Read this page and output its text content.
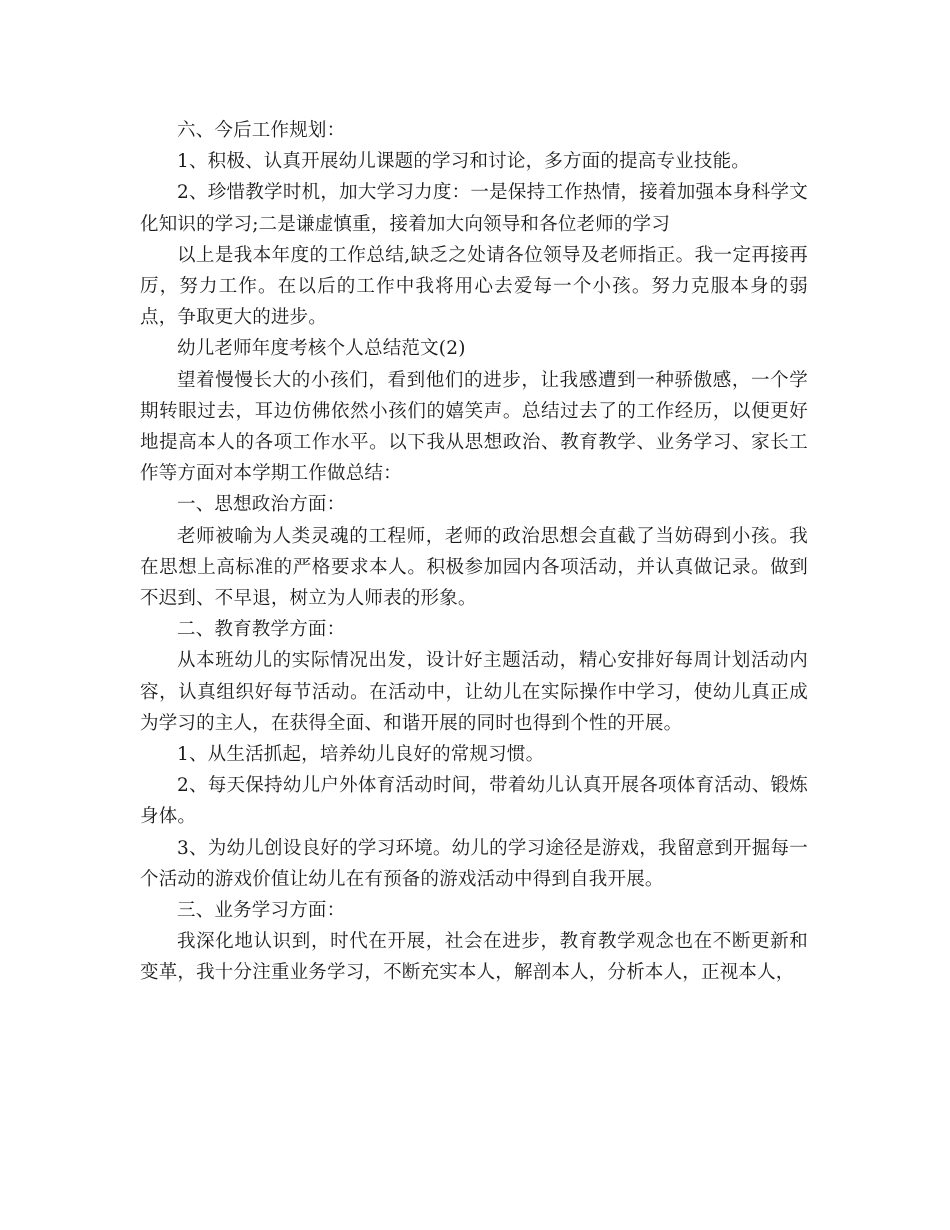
六、今后工作规划：

1、积极、认真开展幼儿课题的学习和讨论，多方面的提高专业技能。

2、珍惜教学时机，加大学习力度：一是保持工作热情，接着加强本身科学文化知识的学习;二是谦虚慎重，接着加大向领导和各位老师的学习

以上是我本年度的工作总结,缺乏之处请各位领导及老师指正。我一定再接再厉，努力工作。在以后的工作中我将用心去爱每一个小孩。努力克服本身的弱点，争取更大的进步。

幼儿老师年度考核个人总结范文(2)

望着慢慢长大的小孩们，看到他们的进步，让我感遭到一种骄傲感，一个学期转眼过去，耳边仿佛依然小孩们的嬉笑声。总结过去了的工作经历，以便更好地提高本人的各项工作水平。以下我从思想政治、教育教学、业务学习、家长工作等方面对本学期工作做总结：

一、思想政治方面：

老师被喻为人类灵魂的工程师，老师的政治思想会直截了当妨碍到小孩。我在思想上高标准的严格要求本人。积极参加园内各项活动，并认真做记录。做到不迟到、不早退，树立为人师表的形象。

二、教育教学方面：

从本班幼儿的实际情况出发，设计好主题活动，精心安排好每周计划活动内容，认真组织好每节活动。在活动中，让幼儿在实际操作中学习，使幼儿真正成为学习的主人，在获得全面、和谐开展的同时也得到个性的开展。

1、从生活抓起，培养幼儿良好的常规习惯。

2、每天保持幼儿户外体育活动时间，带着幼儿认真开展各项体育活动、锻炼身体。

3、为幼儿创设良好的学习环境。幼儿的学习途径是游戏，我留意到开掘每一个活动的游戏价值让幼儿在有预备的游戏活动中得到自我开展。

三、业务学习方面：

我深化地认识到，时代在开展，社会在进步，教育教学观念也在不断更新和变革，我十分注重业务学习，不断充实本人，解剖本人，分析本人，正视本人，
